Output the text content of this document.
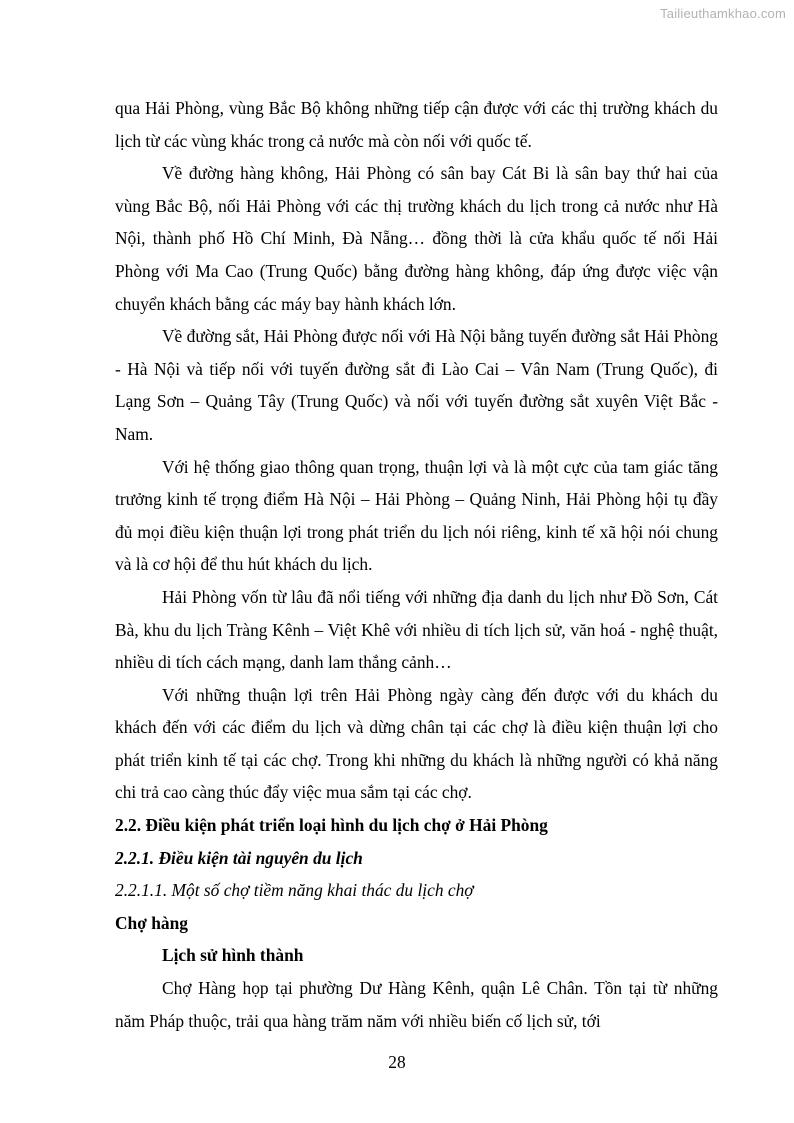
Tailieuthamkhao.com

qua Hải Phòng, vùng Bắc Bộ không những tiếp cận được với các thị trường khách du lịch từ các vùng khác trong cả nước mà còn nối với quốc tế.

Về đường hàng không, Hải Phòng có sân bay Cát Bi là sân bay thứ hai của vùng Bắc Bộ, nối Hải Phòng với các thị trường khách du lịch trong cả nước như Hà Nội, thành phố Hồ Chí Minh, Đà Nẵng… đồng thời là cửa khẩu quốc tế nối Hải Phòng với Ma Cao (Trung Quốc) bằng đường hàng không, đáp ứng được việc vận chuyển khách bằng các máy bay hành khách lớn.

Về đường sắt, Hải Phòng được nối với Hà Nội bằng tuyến đường sắt Hải Phòng - Hà Nội và tiếp nối với tuyến đường sắt đi Lào Cai – Vân Nam (Trung Quốc), đi Lạng Sơn – Quảng Tây (Trung Quốc) và nối với tuyến đường sắt xuyên Việt Bắc - Nam.

Với hệ thống giao thông quan trọng, thuận lợi và là một cực của tam giác tăng trưởng kinh tế trọng điểm Hà Nội – Hải Phòng – Quảng Ninh, Hải Phòng hội tụ đầy đủ mọi điều kiện thuận lợi trong phát triển du lịch nói riêng, kinh tế xã hội nói chung và là cơ hội để thu hút khách du lịch.

Hải Phòng vốn từ lâu đã nổi tiếng với những địa danh du lịch như Đồ Sơn, Cát Bà, khu du lịch Tràng Kênh – Việt Khê với nhiều di tích lịch sử, văn hoá - nghệ thuật, nhiều di tích cách mạng, danh lam thắng cảnh…

Với những thuận lợi trên Hải Phòng ngày càng đến được với du khách du khách đến với các điểm du lịch và dừng chân tại các chợ là điều kiện thuận lợi cho phát triển kinh tế tại các chợ. Trong khi những du khách là những người có khả năng chi trả cao càng thúc đẩy việc mua sắm tại các chợ.

2.2. Điều kiện phát triển loại hình du lịch chợ ở Hải Phòng

2.2.1. Điều kiện tài nguyên du lịch

2.2.1.1. Một số chợ tiềm năng khai thác du lịch chợ

Chợ hàng

Lịch sử hình thành

Chợ Hàng họp tại phường Dư Hàng Kênh, quận Lê Chân. Tồn tại từ những năm Pháp thuộc, trải qua hàng trăm năm với nhiều biến cố lịch sử, tới

28
